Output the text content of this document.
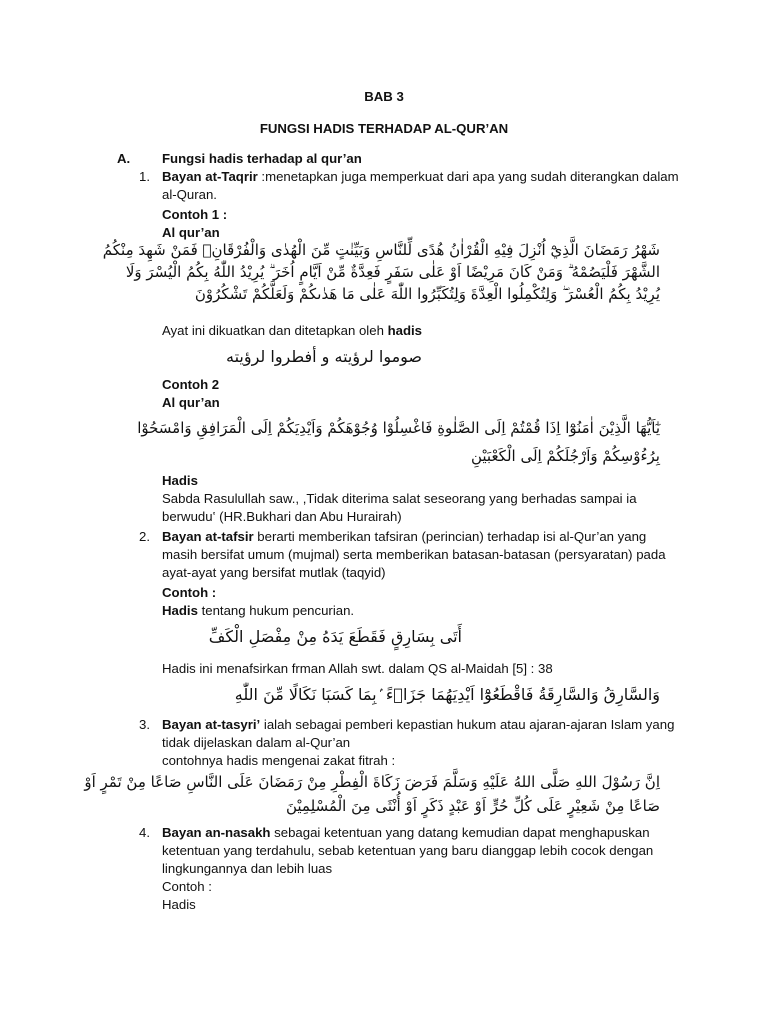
BAB 3
FUNGSI HADIS TERHADAP AL-QUR’AN
A. Fungsi hadis terhadap al qur’an
1. Bayan at-Taqrir :menetapkan juga memperkuat dari apa yang sudah diterangkan dalam
al-Quran.
Contoh 1 :
Al qur’an
شَهْرُ رَمَضَانَ الَّذِيْٓ اُنْزِلَ فِيْهِ الْقُرْاٰنُ هُدًى لِّلنَّاسِ وَبَيِّنٰتٍ مِّنَ الْهُدٰى وَالْفُرْقَانِۚ فَمَنْ شَهِدَ مِنْكُمُ
الشَّهْرَ فَلْيَصُمْهُ ۗ وَمَنْ كَانَ مَرِيْضًا اَوْ عَلٰى سَفَرٍ فَعِدَّةٌ مِّنْ اَيَّامٍ اُخَرَ ۗ يُرِيْدُ اللّٰهُ بِكُمُ الْيُسْرَ وَلَا
يُرِيْدُ بِكُمُ الْعُسْرَ ۖ وَلِتُكْمِلُوا الْعِدَّةَ وَلِتُكَبِّرُوا اللّٰهَ عَلٰى مَا هَدٰىكُمْ وَلَعَلَّكُمْ تَشْكُرُوْنَ
Ayat ini dikuatkan dan ditetapkan oleh hadis
صوموا لرؤيته و أفطروا لرؤيته
Contoh 2
Al qur’an
يٰٓاَيُّهَا الَّذِيْنَ اٰمَنُوْٓا اِذَا قُمْتُمْ اِلَى الصَّلٰوةِ فَاغْسِلُوْا وُجُوْهَكُمْ وَاَيْدِيَكُمْ اِلَى الْمَرَافِقِ وَامْسَحُوْا
بِرُءُوْسِكُمْ وَاَرْجُلَكُمْ اِلَى الْكَعْبَيْنِ
Hadis
Sabda Rasulullah saw., ,Tidak diterima salat seseorang yang berhadas sampai ia
berwudu‛ (HR.Bukhari dan Abu Hurairah)
2. Bayan at-tafsir berarti memberikan tafsiran (perincian) terhadap isi al-Qur’an yang
masih bersifat umum (mujmal) serta memberikan batasan-batasan (persyaratan) pada
ayat-ayat yang bersifat mutlak (taqyid)
Contoh :
Hadis tentang hukum pencurian.
أَتَى بِسَارِقٍ فَقَطَعَ يَدَهُ مِنْ مِفْصَلِ الْكَفِّ
Hadis ini menafsirkan frman Allah swt. dalam QS al-Maidah [5] : 38
وَالسَّارِقُ وَالسَّارِقَةُ فَاقْطَعُوْٓا اَيْدِيَهُمَا جَزَاۤءً ۢبِمَا كَسَبَا نَكَالًا مِّنَ اللّٰهِ
3. Bayan at-tasyri’ ialah sebagai pemberi kepastian hukum atau ajaran-ajaran Islam yang
tidak dijelaskan dalam al-Qur’an
contohnya hadis mengenai zakat fitrah :
اِنَّ رَسُوْلَ اللهِ صَلَّى اللهُ عَلَيْهِ وَسَلَّمَ فَرَضَ زَكَاةَ الْفِطْرِ مِنْ رَمَضَانَ عَلَى النَّاسِ صَاعًا مِنْ تَمْرٍ اَوْ
صَاعًا مِنْ شَعِيْرٍ عَلَى كُلِّ حُرٍّ اَوْ عَبْدٍ ذَكَرٍ اَوْ أُنْثَى مِنَ الْمُسْلِمِيْنَ
4. Bayan an-nasakh sebagai ketentuan yang datang kemudian dapat menghapuskan
ketentuan yang terdahulu, sebab ketentuan yang baru dianggap lebih cocok dengan
lingkungannya dan lebih luas
Contoh :
Hadis
